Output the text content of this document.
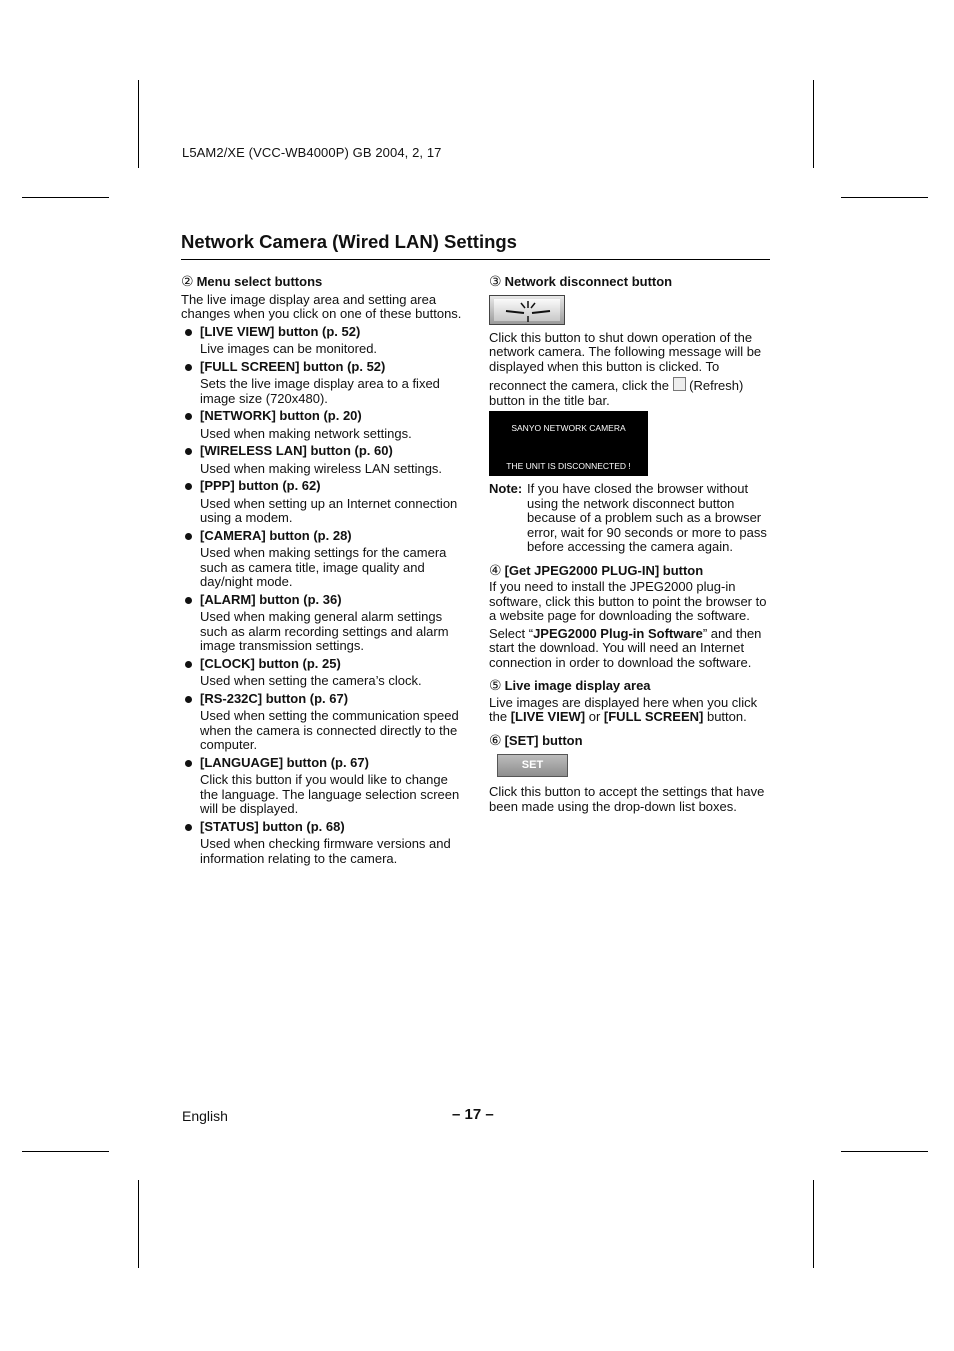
L5AM2/XE (VCC-WB4000P) GB 2004, 2, 17
Network Camera (Wired LAN) Settings

② Menu select buttons

The live image display area and setting area changes when you click on one of these buttons.

[LIVE VIEW] button (p. 52)

Live images can be monitored.

[FULL SCREEN] button (p. 52)

Sets the live image display area to a fixed image size (720x480).

[NETWORK] button (p. 20)

Used when making network settings.

[WIRELESS LAN] button (p. 60)

Used when making wireless LAN settings.

[PPP] button (p. 62)

Used when setting up an Internet connection using a modem.

[CAMERA] button (p. 28)

Used when making settings for the camera such as camera title, image quality and day/night mode.

[ALARM] button (p. 36)

Used when making general alarm settings such as alarm recording settings and alarm image transmission settings.

[CLOCK] button (p. 25)

Used when setting the camera’s clock.

[RS-232C] button (p. 67)

Used when setting the communication speed when the camera is connected directly to the computer.

[LANGUAGE] button (p. 67)

Click this button if you would like to change the language. The language selection screen will be displayed.

[STATUS] button (p. 68)

Used when checking firmware versions and information relating to the camera.

③ Network disconnect button

Click this button to shut down operation of the network camera. The following message will be displayed when this button is clicked. To

reconnect the camera, click the (Refresh) button in the title bar.

SANYO NETWORK CAMERA
THE UNIT IS DISCONNECTED !
Note: If you have closed the browser without using the network disconnect button because of a problem such as a browser error, wait for 90 seconds or more to pass before accessing the camera again.

④ [Get JPEG2000 PLUG-IN] button

If you need to install the JPEG2000 plug-in software, click this button to point the browser to a website page for downloading the software.

Select “JPEG2000 Plug-in Software” and then start the download. You will need an Internet connection in order to download the software.

⑤ Live image display area

Live images are displayed here when you click the [LIVE VIEW] or [FULL SCREEN] button.

⑥ [SET] button

SET

Click this button to accept the settings that have been made using the drop-down list boxes.

English	– 17 –
